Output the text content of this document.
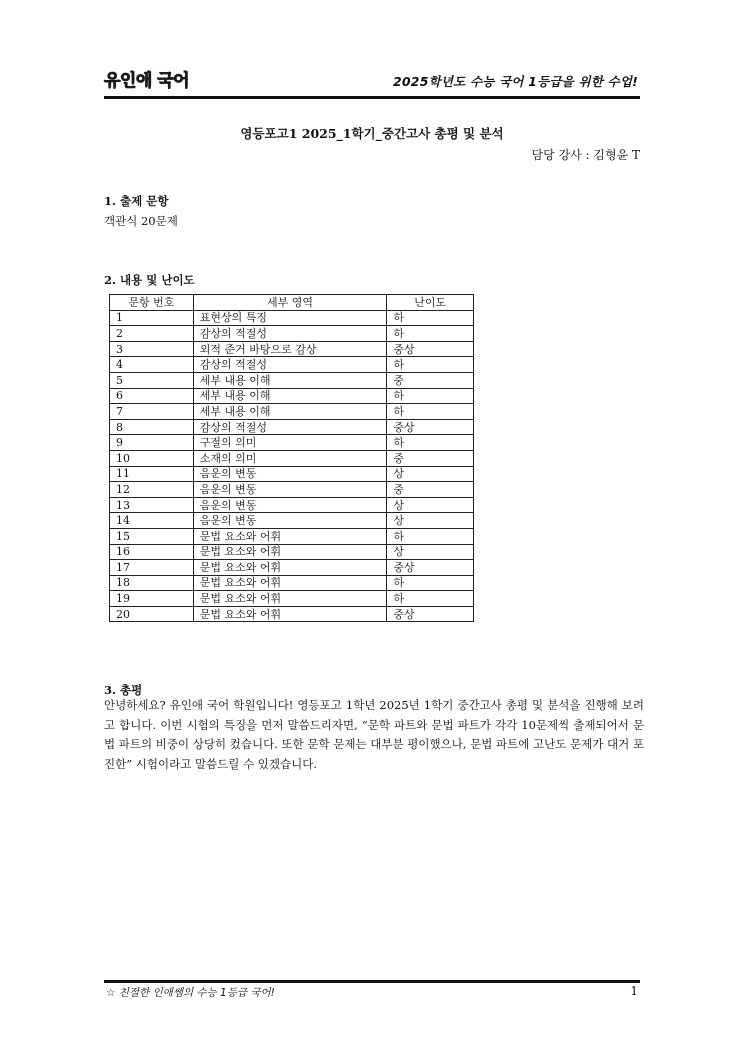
유인애 국어	2025학년도 수능 국어 1등급을 위한 수업!
영등포고1 2025_1학기_중간고사 총평 및 분석
담당 강사 : 김형윤 T
1. 출제 문항
객관식 20문제
2. 내용 및 난이도
문항 번호	세부 영역	난이도
1	표현상의 특징	하
2	감상의 적절성	하
3	외적 준거 바탕으로 감상	중상
4	감상의 적절성	하
5	세부 내용 이해	중
6	세부 내용 이해	하
7	세부 내용 이해	하
8	감상의 적절성	중상
9	구절의 의미	하
10	소재의 의미	중
11	음운의 변동	상
12	음운의 변동	중
13	음운의 변동	상
14	음운의 변동	상
15	문법 요소와 어휘	하
16	문법 요소와 어휘	상
17	문법 요소와 어휘	중상
18	문법 요소와 어휘	하
19	문법 요소와 어휘	하
20	문법 요소와 어휘	중상
3. 총평
안녕하세요? 유인애 국어 학원입니다! 영등포고 1학년 2025년 1학기 중간고사 총평 및 분석을 진행해 보려고 합니다. 이번 시험의 특징을 먼저 말씀드리자면, “문학 파트와 문법 파트가 각각 10문제씩 출제되어서 문법 파트의 비중이 상당히 컸습니다. 또한 문학 문제는 대부분 평이했으나, 문법 파트에 고난도 문제가 대거 포진한” 시험이라고 말씀드릴 수 있겠습니다.
☆ 친절한 인애쌤의 수능 1등급 국어!	1
